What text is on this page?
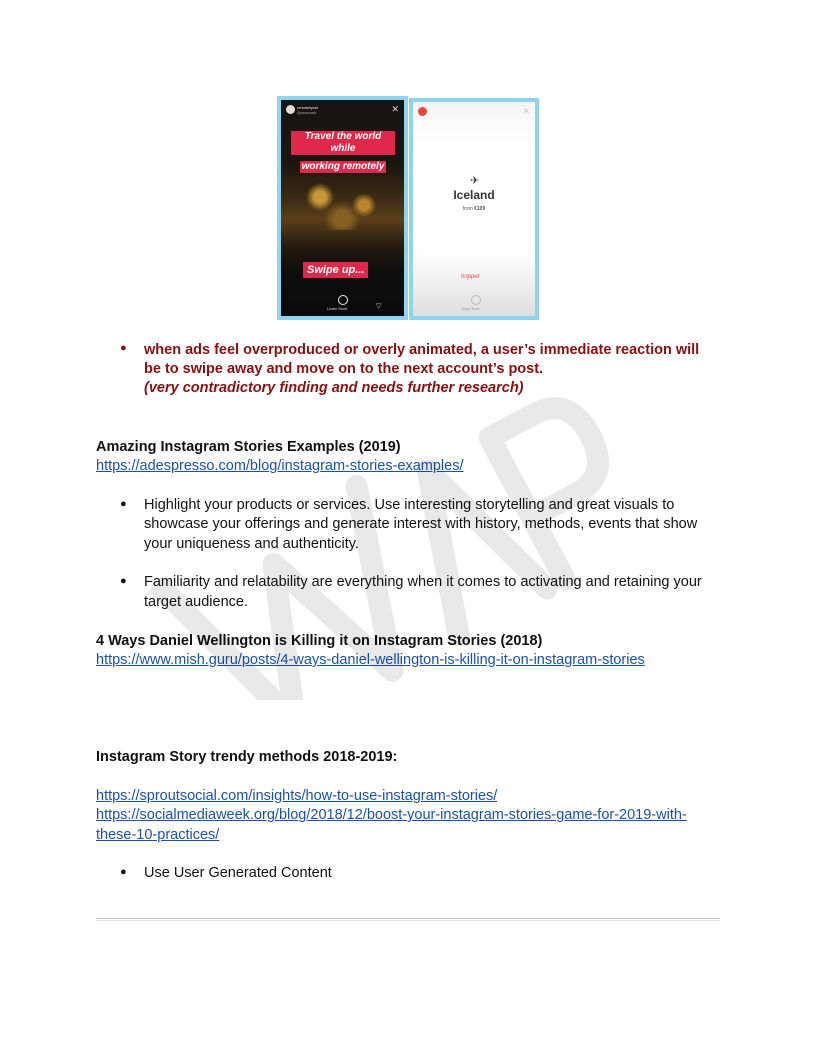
remotelyear
Sponsored	✕
Travel the world while
working remotely
Swipe up...
Learn More	▽
✕
✈
Iceland
from €109
hopper
Shop Now
● when ads feel overproduced or overly animated, a user’s immediate reaction will
be to swipe away and move on to the next account’s post.
(very contradictory finding and needs further research)
Amazing Instagram Stories Examples (2019)
https://adespresso.com/blog/instagram-stories-examples/
● Highlight your products or services. Use interesting storytelling and great visuals to
showcase your offerings and generate interest with history, methods, events that show
your uniqueness and authenticity.
● Familiarity and relatability are everything when it comes to activating and retaining your
target audience.
4 Ways Daniel Wellington is Killing it on Instagram Stories (2018)
https://www.mish.guru/posts/4-ways-daniel-wellington-is-killing-it-on-instagram-stories
Instagram Story trendy methods 2018-2019:
https://sproutsocial.com/insights/how-to-use-instagram-stories/
https://socialmediaweek.org/blog/2018/12/boost-your-instagram-stories-game-for-2019-with-
these-10-practices/
● Use User Generated Content
